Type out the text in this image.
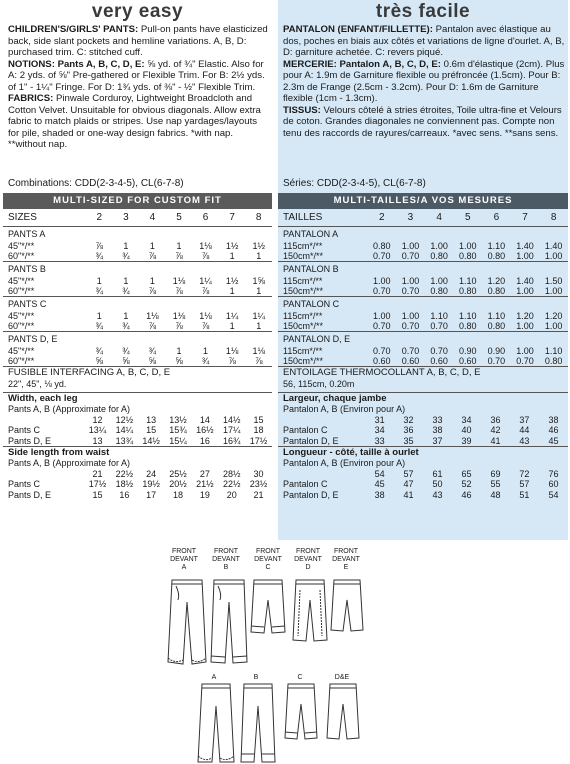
very easy
CHILDREN'S/GIRLS' PANTS: Pull-on pants have elasticized back, side slant pockets and hemline variations. A, B, D: purchased trim. C: stitched cuff.
NOTIONS: Pants A, B, C, D, E: ⅝ yd. of ¾" Elastic. Also for A: 2 yds. of ⅝" Pre-gathered or Flexible Trim. For B: 2½ yds. of 1" - 1¼" Fringe. For D: 1¾ yds. of ⅜" - ½" Flexible Trim.
FABRICS: Pinwale Corduroy, Lightweight Broadcloth and Cotton Velvet. Unsuitable for obvious diagonals. Allow extra fabric to match plaids or stripes. Use nap yardages/layouts for pile, shaded or one-way design fabrics. *with nap. **without nap.
Combinations: CDD(2-3-4-5), CL(6-7-8)
MULTI-SIZED FOR CUSTOM FIT
SIZES	2	3	4	5	6	7	8
PANTS A							
45"*/**	⅞	1	1	1	1⅛	1½	1½
60"*/**	¾	¾	⅞	⅞	⅞	1	1
PANTS B							
45"*/**	1	1	1	1⅛	1¼	1½	1⅝
60"*/**	¾	¾	⅞	⅞	⅞	1	1
PANTS C							
45"*/**	1	1	1⅛	1⅛	1⅛	1¼	1¼
60"*/**	¾	¾	⅞	⅞	⅞	1	1
PANTS D, E							
45"*/**	¾	¾	¾	1	1	1⅛	1⅛
60"*/**	⅝	⅝	⅝	⅝	¾	⅞	⅞
FUSIBLE INTERFACING A, B, C, D, E
22", 45", ⅛ yd.
Width, each leg
Pants A, B (Approximate for A)
	12	12½	13	13½	14	14½	15
Pants C	13¼	14¼	15	15¾	16½	17¼	18
Pants D, E	13	13¾	14½	15¼	16	16¾	17½
Side length from waist
Pants A, B (Approximate for A)
	21	22½	24	25½	27	28½	30
Pants C	17½	18½	19½	20½	21½	22½	23½
Pants D, E	15	16	17	18	19	20	21
très facile
PANTALON (ENFANT/FILLETTE): Pantalon avec élastique au dos, poches en biais aux côtés et variations de ligne d'ourlet. A, B, D: garniture achetée. C: revers piqué.
MERCERIE: Pantalon A, B, C, D, E: 0.6m d'élastique (2cm). Plus pour A: 1.9m de Garniture flexible ou préfroncée (1.5cm). Pour B: 2.3m de Frange (2.5cm - 3.2cm). Pour D: 1.6m de Garniture flexible (1cm - 1.3cm).
TISSUS: Velours côtelé à stries étroites, Toile ultra-fine et Velours de coton. Grandes diagonales ne conviennent pas. Compte non tenu des raccords de rayures/carreaux. *avec sens. **sans sens.
Séries: CDD(2-3-4-5), CL(6-7-8)
MULTI-TAILLES/A VOS MESURES
TAILLES	2	3	4	5	6	7	8
PANTALON A							
115cm*/**	0.80	1.00	1.00	1.00	1.10	1.40	1.40
150cm*/**	0.70	0.70	0.80	0.80	0.80	1.00	1.00
PANTALON B							
115cm*/**	1.00	1.00	1.00	1.10	1.20	1.40	1.50
150cm*/**	0.70	0.70	0.80	0.80	0.80	1.00	1.00
PANTALON C							
115cm*/**	1.00	1.00	1.10	1.10	1.10	1.20	1.20
150cm*/**	0.70	0.70	0.70	0.80	0.80	1.00	1.00
PANTALON D, E							
115cm*/**	0.70	0.70	0.70	0.90	0.90	1.00	1.10
150cm*/**	0.60	0.60	0.60	0.60	0.70	0.70	0.80
ENTOILAGE THERMOCOLLANT A, B, C, D, E
56, 115cm, 0.20m
Largeur, chaque jambe
Pantalon A, B (Environ pour A)
	31	32	33	34	36	37	38
Pantalon C	34	36	38	40	42	44	46
Pantalon D, E	33	35	37	39	41	43	45
Longueur - côté, taille à ourlet
Pantalon A, B (Environ pour A)
	54	57	61	65	69	72	76
Pantalon C	45	47	50	52	55	57	60
Pantalon D, E	38	41	43	46	48	51	54
FRONT
DEVANT
A
FRONT
DEVANT
B
FRONT
DEVANT
C
FRONT
DEVANT
D
FRONT
DEVANT
E
A	B	C	D&E
